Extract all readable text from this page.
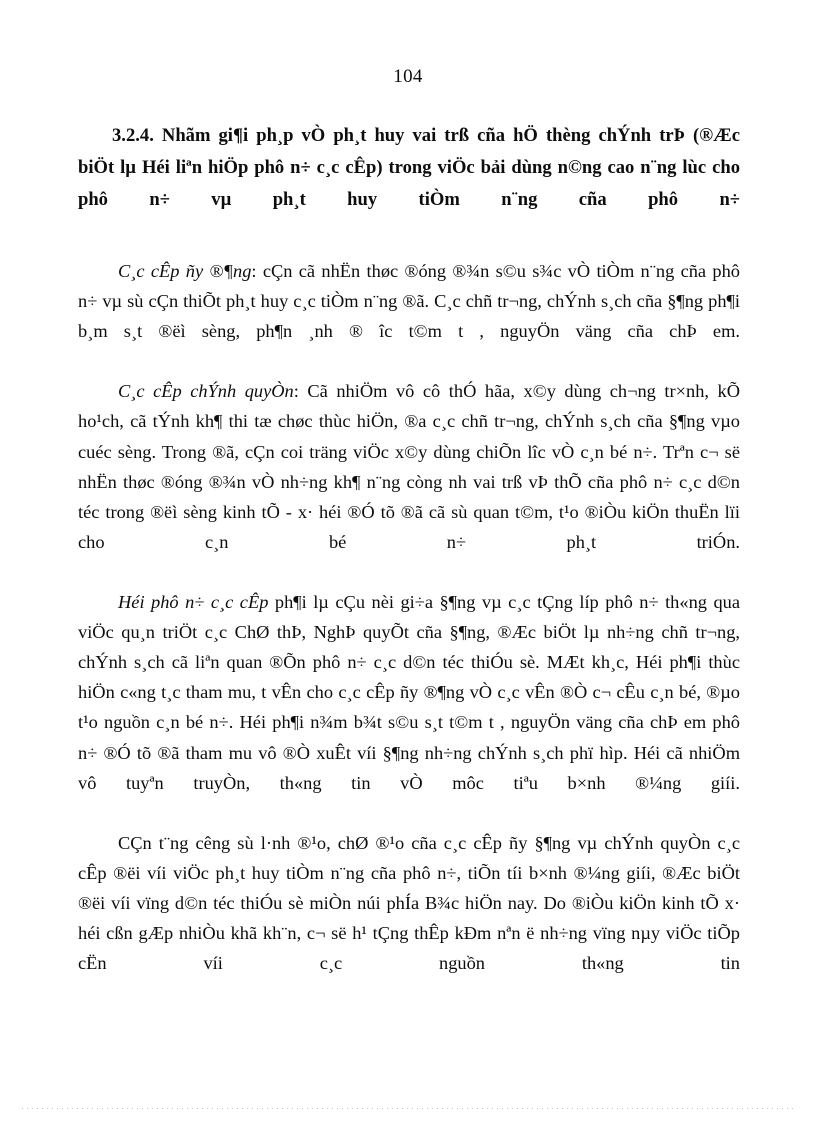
104

3.2.4. Nhãm gi¶i ph¸p vÒ ph¸t huy vai trß cña hÖ thèng chÝnh trÞ (®Æc biÖt lµ Héi liªn hiÖp phô n÷ c¸c cÊp) trong viÖc bải dùng n©ng cao n¨ng lùc cho phô n÷ vµ ph¸t huy tiÒm n¨ng cña phô n÷

C¸c cÊp ñy ®¶ng: cÇn cã nhËn thøc ®óng ®¾n s©u s¾c vÒ tiÒm n¨ng cña phô n÷ vµ sù cÇn thiÕt ph¸t huy c¸c tiÒm n¨ng ®ã. C¸c chñ tr¬ng, chÝnh s¸ch cña §¶ng ph¶i b¸m s¸t ®ëì sèng, ph¶n ¸nh ® îc t©m t , nguyÖn väng cña chÞ em.

C¸c cÊp chÝnh quyÒn: Cã nhiÖm vô cô thÓ hãa, x©y dùng ch¬ng tr×nh, kÕ ho¹ch, cã tÝnh kh¶ thi tæ chøc thùc hiÖn, ®a c¸c chñ tr¬ng, chÝnh s¸ch cña §¶ng vµo cuéc sèng. Trong ®ã, cÇn coi träng viÖc x©y dùng chiÕn lîc vÒ c¸n bé n÷. Trªn c¬ së nhËn thøc ®óng ®¾n vÒ nh÷ng kh¶ n¨ng còng nh vai trß vÞ thÕ cña phô n÷ c¸c d©n téc trong ®ëì sèng kinh tÕ - x· héi ®Ó tõ ®ã cã sù quan t©m, t¹o ®iÒu kiÖn thuËn lïi cho c¸n bé n÷ ph¸t triÓn.

Héi phô n÷ c¸c cÊp ph¶i lµ cÇu nèi gi÷a §¶ng vµ c¸c tÇng líp phô n÷ th«ng qua viÖc qu¸n triÖt c¸c ChØ thÞ, NghÞ quyÕt cña §¶ng, ®Æc biÖt lµ nh÷ng chñ tr¬ng, chÝnh s¸ch cã liªn quan ®Õn phô n÷ c¸c d©n téc thiÓu sè. MÆt kh¸c, Héi ph¶i thùc hiÖn c«ng t¸c tham mu, t vÊn cho c¸c cÊp ñy ®¶ng vÒ c¸c vÊn ®Ò c¬ cÊu c¸n bé, ®µo t¹o nguồn c¸n bé n÷. Héi ph¶i n¾m b¾t s©u s¸t t©m t , nguyÖn väng cña chÞ em phô n÷ ®Ó tõ ®ã tham mu vô ®Ò xuÊt víi §¶ng nh÷ng chÝnh s¸ch phï hìp. Héi cã nhiÖm vô tuyªn truyÒn, th«ng tin vÒ môc tiªu b×nh ®¼ng giíi.

CÇn t¨ng cêng sù l·nh ®¹o, chØ ®¹o cña c¸c cÊp ñy §¶ng vµ chÝnh quyÒn c¸c cÊp ®ëi víi viÖc ph¸t huy tiÒm n¨ng cña phô n÷, tiÕn tíi b×nh ®¼ng giíi, ®Æc biÖt ®ëi víi vïng d©n téc thiÓu sè miÒn núi phÍa B¾c hiÖn nay. Do ®iÒu kiÖn kinh tÕ x· héi cßn gÆp nhiÒu khã kh¨n, c¬ së h¹ tÇng thÊp kÐm nªn ë nh÷ng vïng nµy viÖc tiÕp cËn víi c¸c nguồn th«ng tin
